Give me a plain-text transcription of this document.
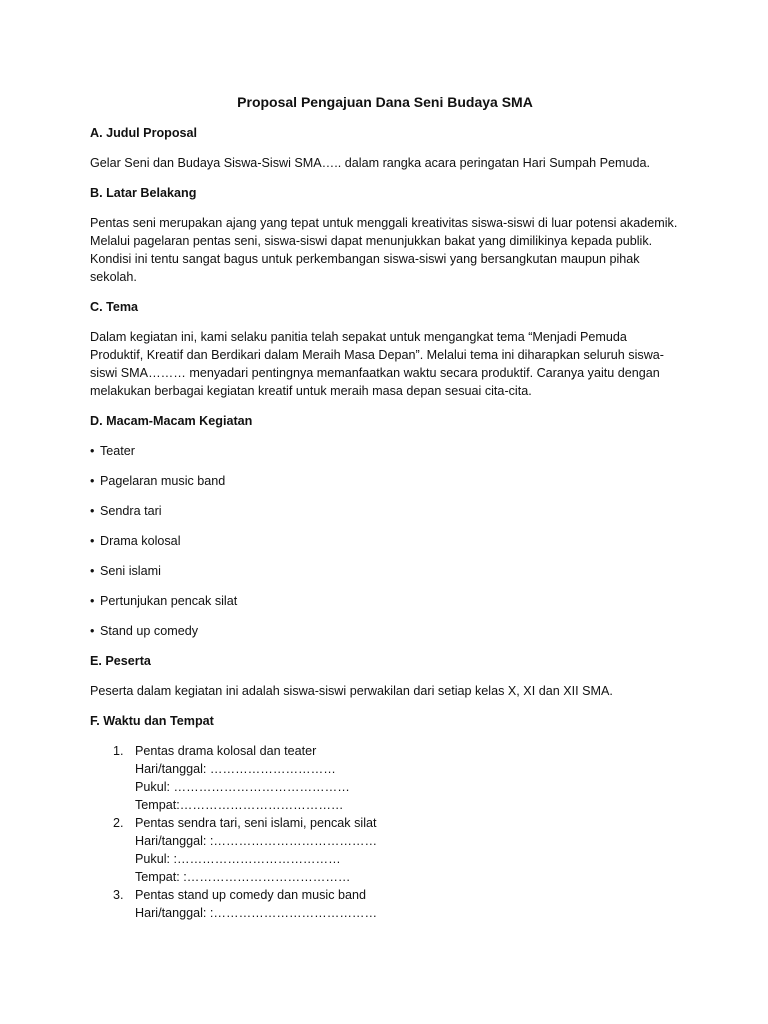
Proposal Pengajuan Dana Seni Budaya SMA
A. Judul Proposal
Gelar Seni dan Budaya Siswa-Siswi SMA….. dalam rangka acara peringatan Hari Sumpah Pemuda.
B. Latar Belakang
Pentas seni merupakan ajang yang tepat untuk menggali kreativitas siswa-siswi di luar potensi akademik. Melalui pagelaran pentas seni, siswa-siswi dapat menunjukkan bakat yang dimilikinya kepada publik. Kondisi ini tentu sangat bagus untuk perkembangan siswa-siswi yang bersangkutan maupun pihak sekolah.
C. Tema
Dalam kegiatan ini, kami selaku panitia telah sepakat untuk mengangkat tema “Menjadi Pemuda Produktif, Kreatif dan Berdikari dalam Meraih Masa Depan”. Melalui tema ini diharapkan seluruh siswa-siswi SMA……… menyadari pentingnya memanfaatkan waktu secara produktif. Caranya yaitu dengan melakukan berbagai kegiatan kreatif untuk meraih masa depan sesuai cita-cita.
D. Macam-Macam Kegiatan
• Teater
• Pagelaran music band
• Sendra tari
• Drama kolosal
• Seni islami
• Pertunjukan pencak silat
• Stand up comedy
E. Peserta
Peserta dalam kegiatan ini adalah siswa-siswi perwakilan dari setiap kelas X, XI dan XII SMA.
F. Waktu dan Tempat
1. Pentas drama kolosal dan teater
Hari/tanggal: …………………………
Pukul: ……………………………………
Tempat:…………………………………
2. Pentas sendra tari, seni islami, pencak silat
Hari/tanggal: :…………………………………
Pukul: :…………………………………
Tempat: :…………………………………
3. Pentas stand up comedy dan music band
Hari/tanggal: :…………………………………
